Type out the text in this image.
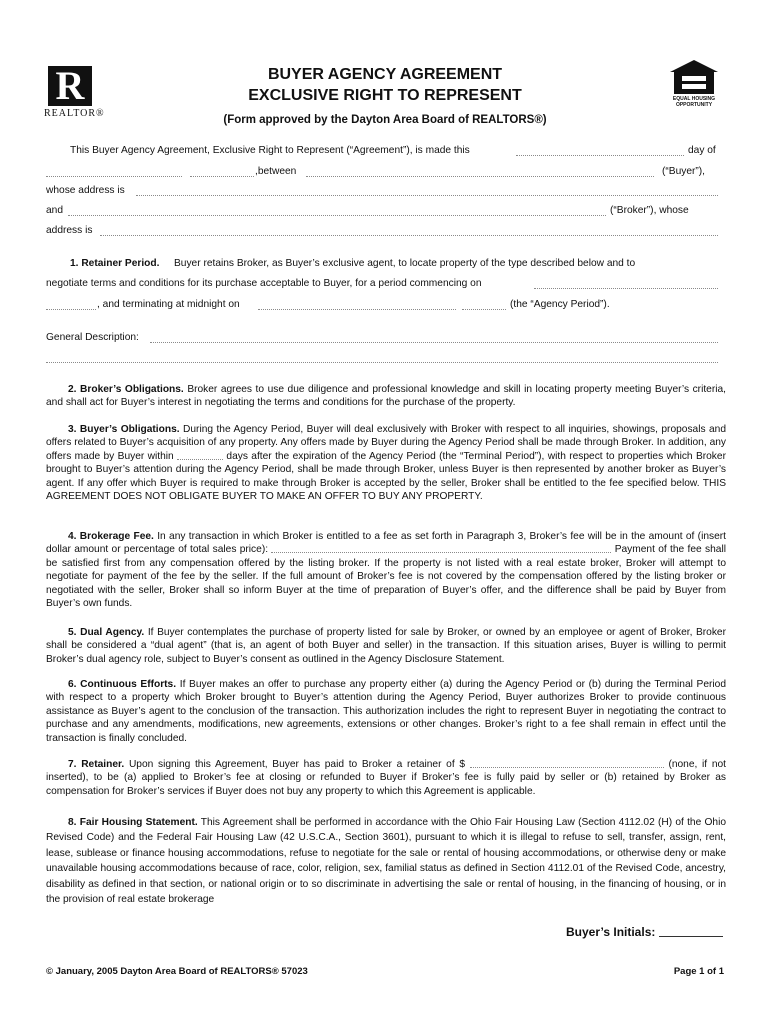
R
REALTOR®
EQUAL HOUSING OPPORTUNITY
BUYER AGENCY AGREEMENT
EXCLUSIVE RIGHT TO REPRESENT
(Form approved by the Dayton Area Board of REALTORS®)
This Buyer Agency Agreement, Exclusive Right to Represent (“Agreement”), is made this	day of
,between	(“Buyer”),
whose address is
and	(“Broker”), whose
address is
1. Retainer Period. Buyer retains Broker, as Buyer’s exclusive agent, to locate property of the type described below and to
negotiate terms and conditions for its purchase acceptable to Buyer, for a period commencing on
, and terminating at midnight on	(the “Agency Period”).
General Description:
2. Broker’s Obligations. Broker agrees to use due diligence and professional knowledge and skill in locating property meeting Buyer’s criteria, and shall act for Buyer’s interest in negotiating the terms and conditions for the purchase of the property.
3. Buyer’s Obligations. During the Agency Period, Buyer will deal exclusively with Broker with respect to all inquiries, showings, proposals and offers related to Buyer’s acquisition of any property. Any offers made by Buyer during the Agency Period shall be made through Broker. In addition, any offers made by Buyer within	days after the expiration of the Agency Period (the “Terminal Period”), with respect to properties which Broker brought to Buyer’s attention during the Agency Period, shall be made through Broker, unless Buyer is then represented by another broker as Buyer’s agent. If any offer which Buyer is required to make through Broker is accepted by the seller, Broker shall be entitled to the fee specified below. THIS AGREEMENT DOES NOT OBLIGATE BUYER TO MAKE AN OFFER TO BUY ANY PROPERTY.
4. Brokerage Fee. In any transaction in which Broker is entitled to a fee as set forth in Paragraph 3, Broker’s fee will be in the amount of (insert dollar amount or percentage of total sales price):	Payment of the fee shall be satisfied first from any compensation offered by the listing broker. If the property is not listed with a real estate broker, Broker will attempt to negotiate for payment of the fee by the seller. If the full amount of Broker’s fee is not covered by the compensation offered by the listing broker or negotiated with the seller, Broker shall so inform Buyer at the time of preparation of Buyer’s offer, and the difference shall be paid by Buyer from Buyer’s own funds.
5. Dual Agency. If Buyer contemplates the purchase of property listed for sale by Broker, or owned by an employee or agent of Broker, Broker shall be considered a “dual agent” (that is, an agent of both Buyer and seller) in the transaction. If this situation arises, Buyer is willing to permit Broker’s dual agency role, subject to Buyer’s consent as outlined in the Agency Disclosure Statement.
6. Continuous Efforts. If Buyer makes an offer to purchase any property either (a) during the Agency Period or (b) during the Terminal Period with respect to a property which Broker brought to Buyer’s attention during the Agency Period, Buyer authorizes Broker to provide continuous assistance as Buyer’s agent to the conclusion of the transaction. This authorization includes the right to represent Buyer in negotiating the contract to purchase and any amendments, modifications, new agreements, extensions or other changes. Broker’s right to a fee shall remain in effect until the transaction is finally concluded.
7. Retainer. Upon signing this Agreement, Buyer has paid to Broker a retainer of $	(none, if not inserted), to be (a) applied to Broker’s fee at closing or refunded to Buyer if Broker’s fee is fully paid by seller or (b) retained by Broker as compensation for Broker’s services if Buyer does not buy any property to which this Agreement is applicable.
8. Fair Housing Statement. This Agreement shall be performed in accordance with the Ohio Fair Housing Law (Section 4112.02 (H) of the Ohio Revised Code) and the Federal Fair Housing Law (42 U.S.C.A., Section 3601), pursuant to which it is illegal to refuse to sell, transfer, assign, rent, lease, sublease or finance housing accommodations, refuse to negotiate for the sale or rental of housing accommodations, or otherwise deny or make unavailable housing accommodations because of race, color, religion, sex, familial status as defined in Section 4112.01 of the Revised Code, ancestry, disability as defined in that section, or national origin or to so discriminate in advertising the sale or rental of housing, in the financing of housing, or in the provision of real estate brokerage
Buyer’s Initials:
© January, 2005 Dayton Area Board of REALTORS® 57023	Page 1 of 1
